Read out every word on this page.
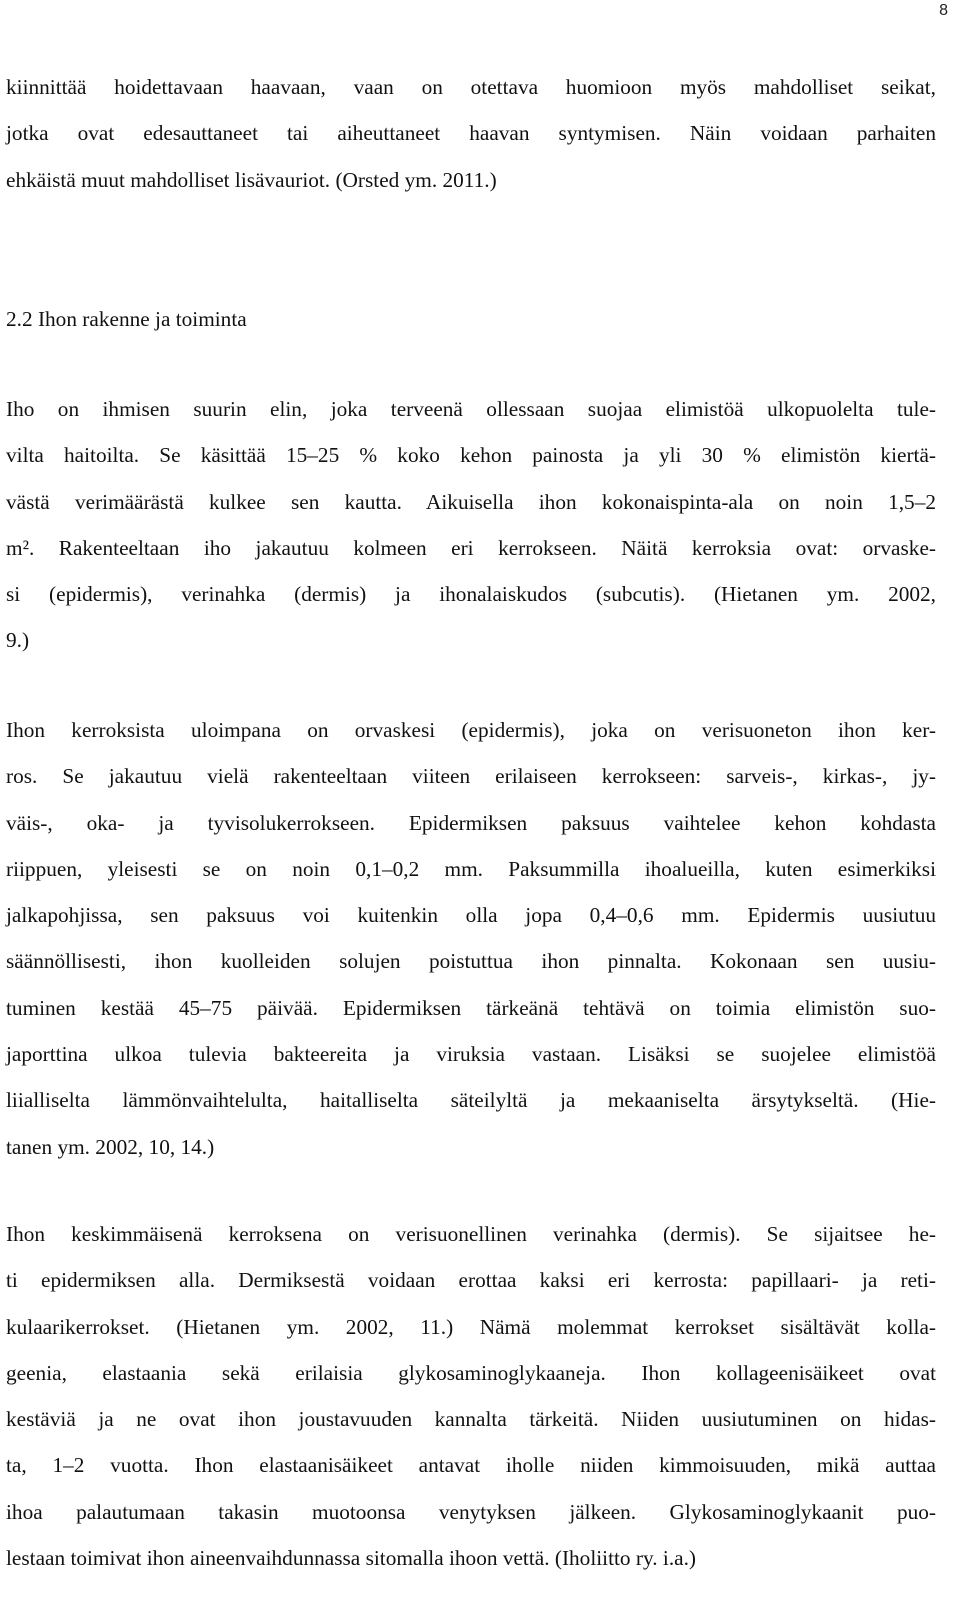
8
kiinnittää hoidettavaan haavaan, vaan on otettava huomioon myös mahdolliset seikat,
jotka ovat edesauttaneet tai aiheuttaneet haavan syntymisen. Näin voidaan parhaiten
ehkäistä muut mahdolliset lisävauriot. (Orsted ym. 2011.)
2.2 Ihon rakenne ja toiminta
Iho on ihmisen suurin elin, joka terveenä ollessaan suojaa elimistöä ulkopuolelta tule-
vilta haitoilta. Se käsittää 15–25 % koko kehon painosta ja yli 30 % elimistön kiertä-
västä verimäärästä kulkee sen kautta. Aikuisella ihon kokonaispinta-ala on noin 1,5–2
m². Rakenteeltaan iho jakautuu kolmeen eri kerrokseen. Näitä kerroksia ovat: orvaske-
si (epidermis), verinahka (dermis) ja ihonalaiskudos (subcutis). (Hietanen ym. 2002,
9.)
Ihon kerroksista uloimpana on orvaskesi (epidermis), joka on verisuoneton ihon ker-
ros. Se jakautuu vielä rakenteeltaan viiteen erilaiseen kerrokseen: sarveis-, kirkas-, jy-
väis-, oka- ja tyvisolukerrokseen. Epidermiksen paksuus vaihtelee kehon kohdasta
riippuen, yleisesti se on noin 0,1–0,2 mm. Paksummilla ihoalueilla, kuten esimerkiksi
jalkapohjissa, sen paksuus voi kuitenkin olla jopa 0,4–0,6 mm. Epidermis uusiutuu
säännöllisesti, ihon kuolleiden solujen poistuttua ihon pinnalta. Kokonaan sen uusiu-
tuminen kestää 45–75 päivää. Epidermiksen tärkeänä tehtävä on toimia elimistön suo-
japorttina ulkoa tulevia bakteereita ja viruksia vastaan. Lisäksi se suojelee elimistöä
liialliselta lämmönvaihtelulta, haitalliselta säteilyltä ja mekaaniselta ärsytykseltä. (Hie-
tanen ym. 2002, 10, 14.)
Ihon keskimmäisenä kerroksena on verisuonellinen verinahka (dermis). Se sijaitsee he-
ti epidermiksen alla. Dermiksestä voidaan erottaa kaksi eri kerrosta: papillaari- ja reti-
kulaarikerrokset. (Hietanen ym. 2002, 11.) Nämä molemmat kerrokset sisältävät kolla-
geenia, elastaania sekä erilaisia glykosaminoglykaaneja. Ihon kollageenisäikeet ovat
kestäviä ja ne ovat ihon joustavuuden kannalta tärkeitä. Niiden uusiutuminen on hidas-
ta, 1–2 vuotta. Ihon elastaanisäikeet antavat iholle niiden kimmoisuuden, mikä auttaa
ihoa palautumaan takasin muotoonsa venytyksen jälkeen. Glykosaminoglykaanit puo-
lestaan toimivat ihon aineenvaihdunnassa sitomalla ihoon vettä. (Iholiitto ry. i.a.)
